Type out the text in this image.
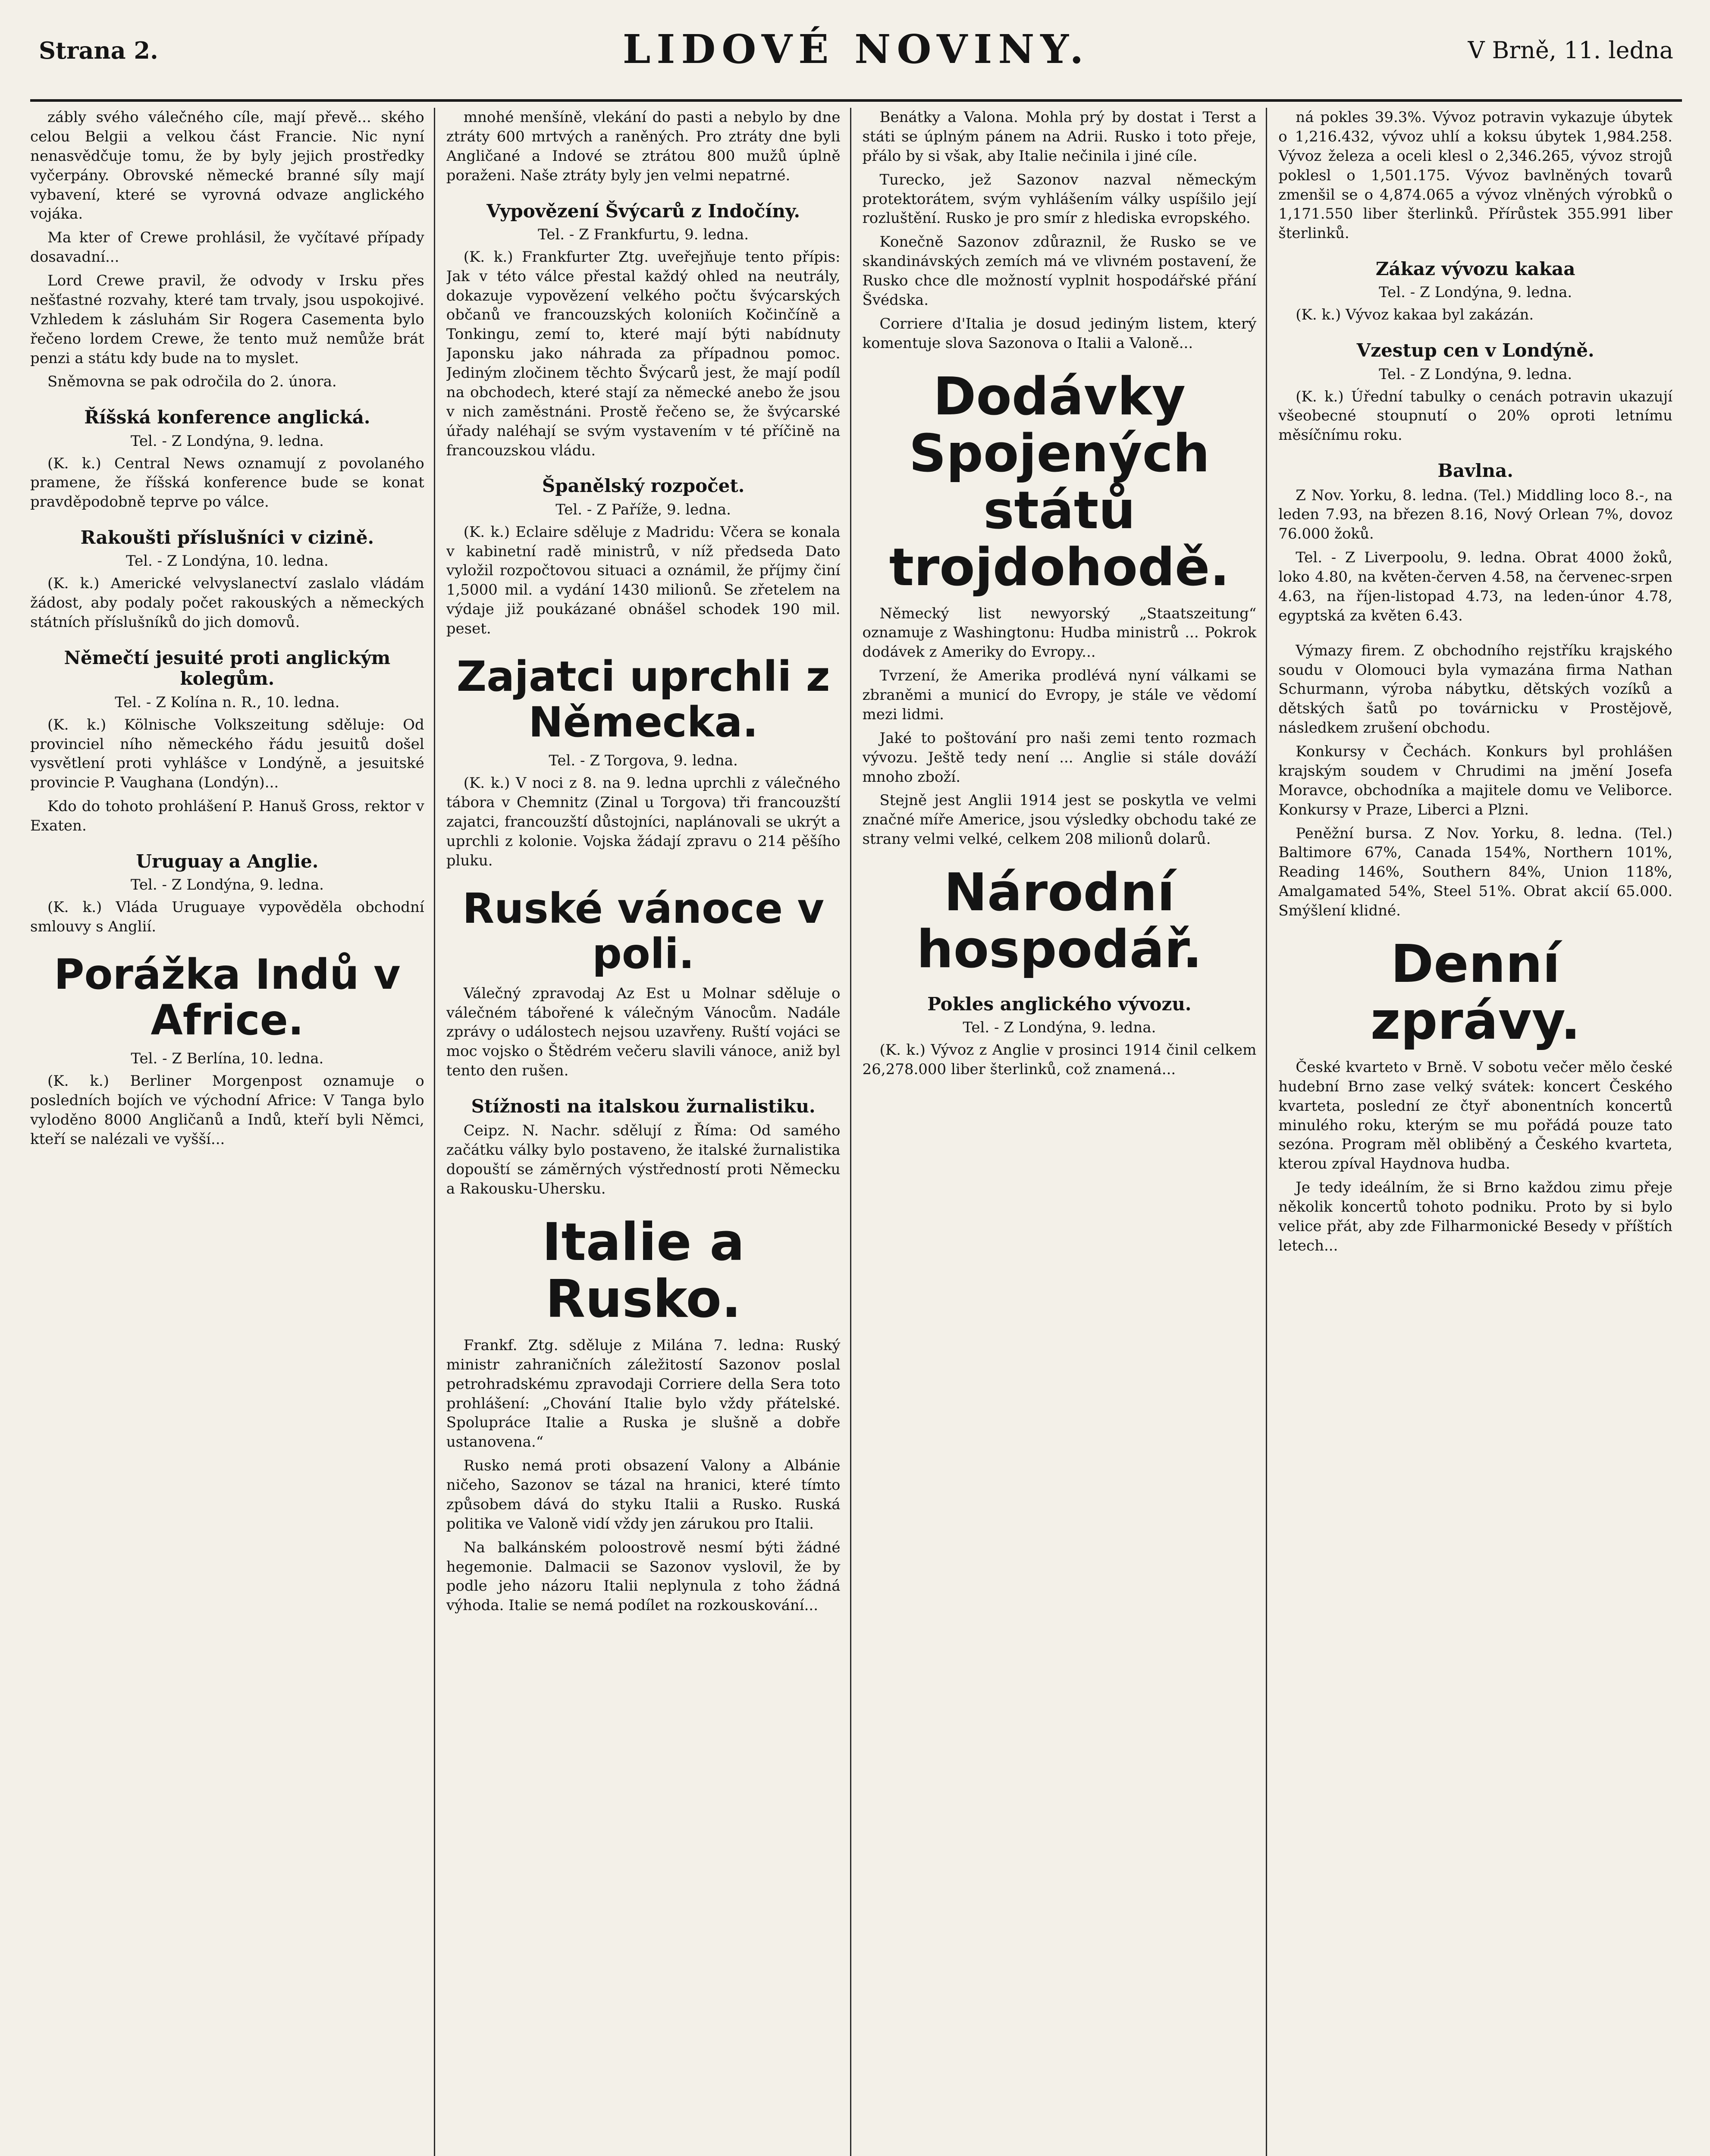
Strana 2.	LIDOVÉ NOVINY.	V Brně, 11. ledna

zábly svého válečného cíle, mají převě... ského celou Belgii a velkou část Francie. Nic nyní nenasvědčuje tomu, že by byly jejich prostředky vyčerpány. Obrovské německé branné síly mají vybavení, které se vyrovná odvaze anglického vojáka.

Ma kter of Crewe prohlásil, že vyčítavé případy dosavadní...

Lord Crewe pravil, že odvody v Irsku přes nešťastné rozvahy, které tam trvaly, jsou uspokojivé. Vzhledem k zásluhám Sir Rogera Casementa bylo řečeno lordem Crewe, že tento muž nemůže brát penzi a státu kdy bude na to myslet.

Sněmovna se pak odročila do 2. února.

Říšská konference anglická.
Tel. - Z Londýna, 9. ledna.

(K. k.) Central News oznamují z povolaného pramene, že říšská konference bude se konat pravděpodobně teprve po válce.

Rakoušti příslušníci v cizině.
Tel. - Z Londýna, 10. ledna.

(K. k.) Americké velvyslanectví zaslalo vládám žádost, aby podaly počet rakouských a německých státních příslušníků do jich domovů.

Němečtí jesuité proti anglickým kolegům.
Tel. - Z Kolína n. R., 10. ledna.

(K. k.) Kölnische Volkszeitung sděluje: Od provinciel ního německého řádu jesuitů došel vysvětlení proti vyhlášce v Londýně, a jesuitské provincie P. Vaughana (Londýn)...

Kdo do tohoto prohlášení P. Hanuš Gross, rektor v Exaten.

Uruguay a Anglie.
Tel. - Z Londýna, 9. ledna.

(K. k.) Vláda Uruguaye vypověděla obchodní smlouvy s Anglií.

Porážka Indů v Africe.
Tel. - Z Berlína, 10. ledna.

(K. k.) Berliner Morgenpost oznamuje o posledních bojích ve východní Africe: V Tanga bylo vyloděno 8000 Angličanů a Indů, kteří byli Němci, kteří se nalézali ve vyšší...

mnohé menšíně, vlekání do pasti a nebylo by dne ztráty 600 mrtvých a raněných. Pro ztráty dne byli Angličané a Indové se ztrátou 800 mužů úplně poraženi. Naše ztráty byly jen velmi nepatrné.

Vypovězení Švýcarů z Indočíny.
Tel. - Z Frankfurtu, 9. ledna.

(K. k.) Frankfurter Ztg. uveřejňuje tento přípis: Jak v této válce přestal každý ohled na neutrály, dokazuje vypovězení velkého počtu švýcarských občanů ve francouzských koloniích Kočinčíně a Tonkingu, zemí to, které mají býti nabídnuty Japonsku jako náhrada za případnou pomoc. Jediným zločinem těchto Švýcarů jest, že mají podíl na obchodech, které stají za německé anebo že jsou v nich zaměstnáni. Prostě řečeno se, že švýcarské úřady naléhají se svým vystavením v té příčině na francouzskou vládu.

Španělský rozpočet.
Tel. - Z Paříže, 9. ledna.

(K. k.) Eclaire sděluje z Madridu: Včera se konala v kabinetní radě ministrů, v níž předseda Dato vyložil rozpočtovou situaci a oznámil, že příjmy činí 1,5000 mil. a vydání 1430 milionů. Se zřetelem na výdaje již poukázané obnášel schodek 190 mil. peset.

Zajatci uprchli z Německa.
Tel. - Z Torgova, 9. ledna.

(K. k.) V noci z 8. na 9. ledna uprchli z válečného tábora v Chemnitz (Zinal u Torgova) tři francouzští zajatci, francouzští důstojníci, naplánovali se ukrýt a uprchli z kolonie. Vojska žádají zpravu o 214 pěšího pluku.

Ruské vánoce v poli.

Válečný zpravodaj Az Est u Molnar sděluje o válečném tábořené k válečným Vánocům. Nadále zprávy o událostech nejsou uzavřeny. Ruští vojáci se moc vojsko o Štědrém večeru slavili vánoce, aniž byl tento den rušen.

Stížnosti na italskou žurnalistiku.

Ceipz. N. Nachr. sdělují z Říma: Od samého začátku války bylo postaveno, že italské žurnalistika dopouští se záměrných výstředností proti Německu a Rakousku-Uhersku.

Italie a Rusko.

Frankf. Ztg. sděluje z Milána 7. ledna: Ruský ministr zahraničních záležitostí Sazonov poslal petrohradskému zpravodaji Corriere della Sera toto prohlášení: „Chování Italie bylo vždy přátelské. Spolupráce Italie a Ruska je slušně a dobře ustanovena.“

Rusko nemá proti obsazení Valony a Albánie ničeho, Sazonov se tázal na hranici, které tímto způsobem dává do styku Italii a Rusko. Ruská politika ve Valoně vidí vždy jen zárukou pro Italii.

Na balkánském poloostrově nesmí býti žádné hegemonie. Dalmacii se Sazonov vyslovil, že by podle jeho názoru Italii neplynula z toho žádná výhoda. Italie se nemá podílet na rozkouskování...

Benátky a Valona. Mohla prý by dostat i Terst a státi se úplným pánem na Adrii. Rusko i toto přeje, přálo by si však, aby Italie nečinila i jiné cíle.

Turecko, jež Sazonov nazval německým protektorátem, svým vyhlášením války uspíšilo její rozluštění. Rusko je pro smír z hlediska evropského.

Konečně Sazonov zdůraznil, že Rusko se ve skandinávských zemích má ve vlivném postavení, že Rusko chce dle možností vyplnit hospodářské přání Švédska.

Corriere d'Italia je dosud jediným listem, který komentuje slova Sazonova o Italii a Valoně...

Dodávky Spojených států trojdohodě.

Německý list newyorský „Staatszeitung“ oznamuje z Washingtonu: Hudba ministrů ... Pokrok dodávek z Ameriky do Evropy...

Tvrzení, že Amerika prodlévá nyní válkami se zbraněmi a municí do Evropy, je stále ve vědomí mezi lidmi.

Jaké to poštování pro naši zemi tento rozmach vývozu. Ještě tedy není ... Anglie si stále dováží mnoho zboží.

Stejně jest Anglii 1914 jest se poskytla ve velmi značné míře Americe, jsou výsledky obchodu také ze strany velmi velké, celkem 208 milionů dolarů.

Národní hospodář.
Pokles anglického vývozu.
Tel. - Z Londýna, 9. ledna.

(K. k.) Vývoz z Anglie v prosinci 1914 činil celkem 26,278.000 liber šterlinků, což znamená...

ná pokles 39.3%. Vývoz potravin vykazuje úbytek o 1,216.432, vývoz uhlí a koksu úbytek 1,984.258. Vývoz železa a oceli klesl o 2,346.265, vývoz strojů poklesl o 1,501.175. Vývoz bavlněných tovarů zmenšil se o 4,874.065 a vývoz vlněných výrobků o 1,171.550 liber šterlinků. Přírůstek 355.991 liber šterlinků.

Zákaz vývozu kakaa
Tel. - Z Londýna, 9. ledna.

(K. k.) Vývoz kakaa byl zakázán.

Vzestup cen v Londýně.
Tel. - Z Londýna, 9. ledna.

(K. k.) Úřední tabulky o cenách potravin ukazují všeobecné stoupnutí o 20% oproti letnímu měsíčnímu roku.

Bavlna.

Z Nov. Yorku, 8. ledna. (Tel.) Middling loco 8.-, na leden 7.93, na březen 8.16, Nový Orlean 7%, dovoz 76.000 žoků.

Tel. - Z Liverpoolu, 9. ledna. Obrat 4000 žoků, loko 4.80, na květen-červen 4.58, na červenec-srpen 4.63, na říjen-listopad 4.73, na leden-únor 4.78, egyptská za květen 6.43.

Výmazy firem. Z obchodního rejstříku krajského soudu v Olomouci byla vymazána firma Nathan Schurmann, výroba nábytku, dětských vozíků a dětských šatů po továrnicku v Prostějově, následkem zrušení obchodu.

Konkursy v Čechách. Konkurs byl prohlášen krajským soudem v Chrudimi na jmění Josefa Moravce, obchodníka a majitele domu ve Veliborce. Konkursy v Praze, Liberci a Plzni.

Peněžní bursa. Z Nov. Yorku, 8. ledna. (Tel.) Baltimore 67%, Canada 154%, Northern 101%, Reading 146%, Southern 84%, Union 118%, Amalgamated 54%, Steel 51%. Obrat akcií 65.000. Smýšlení klidné.

Denní zprávy.

České kvarteto v Brně. V sobotu večer mělo české hudební Brno zase velký svátek: koncert Českého kvarteta, poslední ze čtyř abonentních koncertů minulého roku, kterým se mu pořádá pouze tato sezóna. Program měl obliběný a Českého kvarteta, kterou zpíval Haydnova hudba.

Je tedy ideálním, že si Brno každou zimu přeje několik koncertů tohoto podniku. Proto by si bylo velice přát, aby zde Filharmonické Besedy v příštích letech...
